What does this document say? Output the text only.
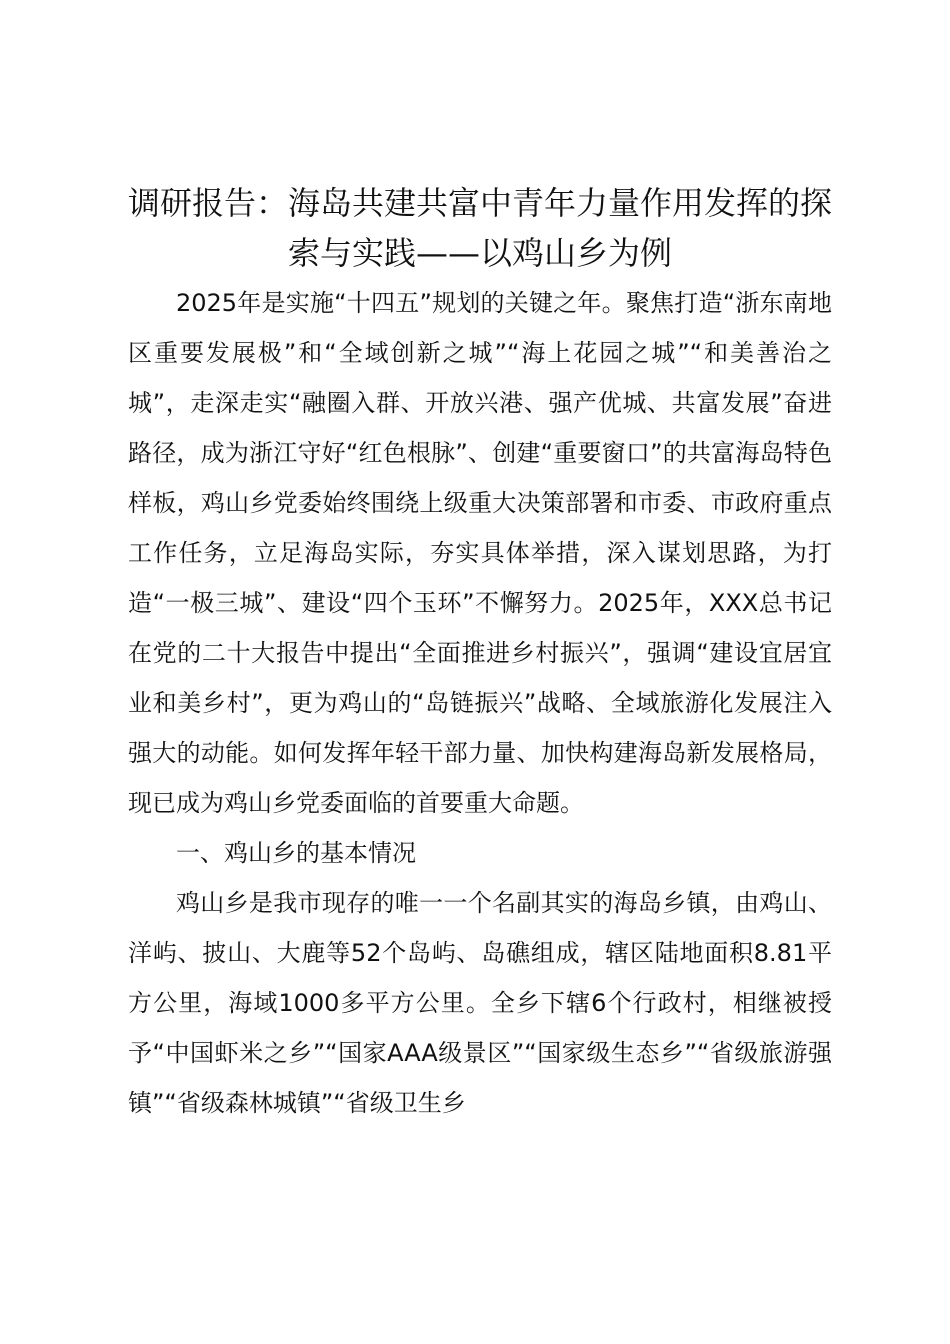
调研报告：海岛共建共富中青年力量作用发挥的探索与实践——以鸡山乡为例

2025年是实施“十四五”规划的关键之年。聚焦打造“浙东南地区重要发展极”和“全域创新之城”“海上花园之城”“和美善治之城”，走深走实“融圈入群、开放兴港、强产优城、共富发展”奋进路径，成为浙江守好“红色根脉”、创建“重要窗口”的共富海岛特色样板，鸡山乡党委始终围绕上级重大决策部署和市委、市政府重点工作任务，立足海岛实际，夯实具体举措，深入谋划思路，为打造“一极三城”、建设“四个玉环”不懈努力。2025年，XXX总书记在党的二十大报告中提出“全面推进乡村振兴”，强调“建设宜居宜业和美乡村”，更为鸡山的“岛链振兴”战略、全域旅游化发展注入强大的动能。如何发挥年轻干部力量、加快构建海岛新发展格局，现已成为鸡山乡党委面临的首要重大命题。

一、鸡山乡的基本情况

鸡山乡是我市现存的唯一一个名副其实的海岛乡镇，由鸡山、洋屿、披山、大鹿等52个岛屿、岛礁组成，辖区陆地面积8.81平方公里，海域1000多平方公里。全乡下辖6个行政村，相继被授予“中国虾米之乡”“国家AAA级景区”“国家级生态乡”“省级旅游强镇”“省级森林城镇”“省级卫生乡
